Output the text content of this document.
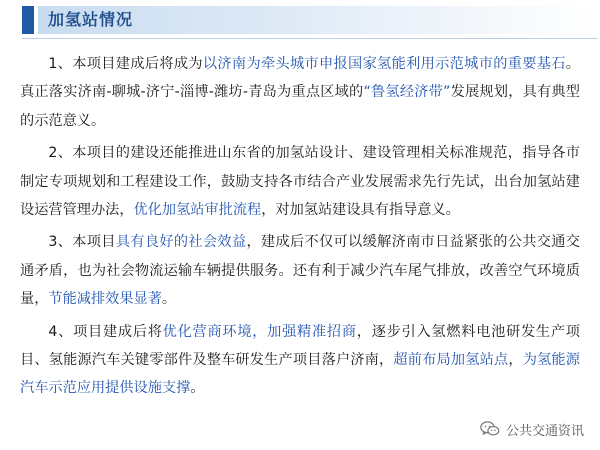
加氢站情况

1、本项目建成后将成为以济南为牵头城市申报国家氢能利用示范城市的重要基石。真正落实济南-聊城-济宁-淄博-潍坊-青岛为重点区域的“鲁氢经济带”发展规划，具有典型的示范意义。

2、本项目的建设还能推进山东省的加氢站设计、建设管理相关标准规范，指导各市制定专项规划和工程建设工作，鼓励支持各市结合产业发展需求先行先试，出台加氢站建设运营管理办法，优化加氢站审批流程，对加氢站建设具有指导意义。

3、本项目具有良好的社会效益，建成后不仅可以缓解济南市日益紧张的公共交通交通矛盾，也为社会物流运输车辆提供服务。还有利于减少汽车尾气排放，改善空气环境质量，节能减排效果显著。

4、项目建成后将优化营商环境，加强精准招商，逐步引入氢燃料电池研发生产项目、氢能源汽车关键零部件及整车研发生产项目落户济南，超前布局加氢站点，为氢能源汽车示范应用提供设施支撑。

公共交通资讯
